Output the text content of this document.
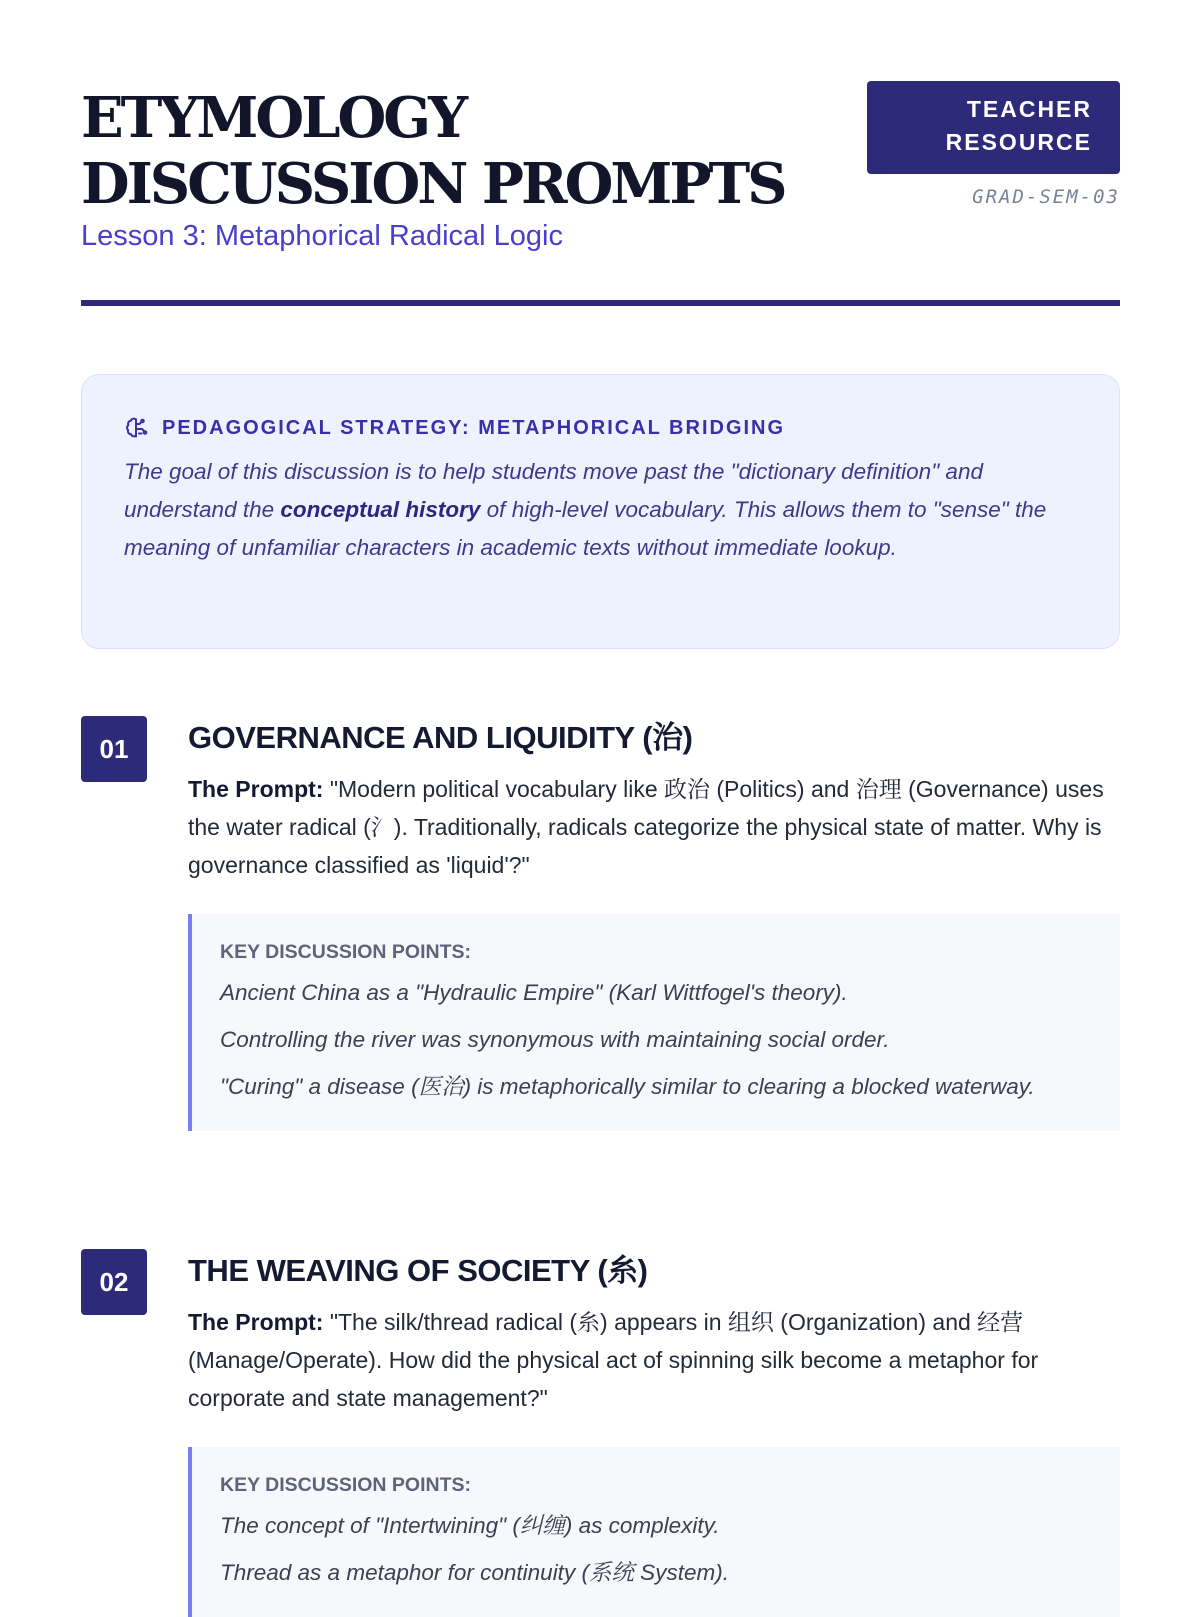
ETYMOLOGY DISCUSSION PROMPTS
Lesson 3: Metaphorical Radical Logic
TEACHER RESOURCE
GRAD-SEM-03
PEDAGOGICAL STRATEGY: METAPHORICAL BRIDGING
The goal of this discussion is to help students move past the "dictionary definition" and understand the conceptual history of high-level vocabulary. This allows them to "sense" the meaning of unfamiliar characters in academic texts without immediate lookup.
01	GOVERNANCE AND LIQUIDITY (治)
The Prompt: "Modern political vocabulary like 政治 (Politics) and 治理 (Governance) uses the water radical (氵). Traditionally, radicals categorize the physical state of matter. Why is governance classified as 'liquid'?"
KEY DISCUSSION POINTS:
Ancient China as a "Hydraulic Empire" (Karl Wittfogel's theory).
Controlling the river was synonymous with maintaining social order.
"Curing" a disease (医治) is metaphorically similar to clearing a blocked waterway.
02	THE WEAVING OF SOCIETY (糸)
The Prompt: "The silk/thread radical (糸) appears in 组织 (Organization) and 经营 (Manage/Operate). How did the physical act of spinning silk become a metaphor for corporate and state management?"
KEY DISCUSSION POINTS:
The concept of "Intertwining" (纠缠) as complexity.
Thread as a metaphor for continuity (系统 System).
